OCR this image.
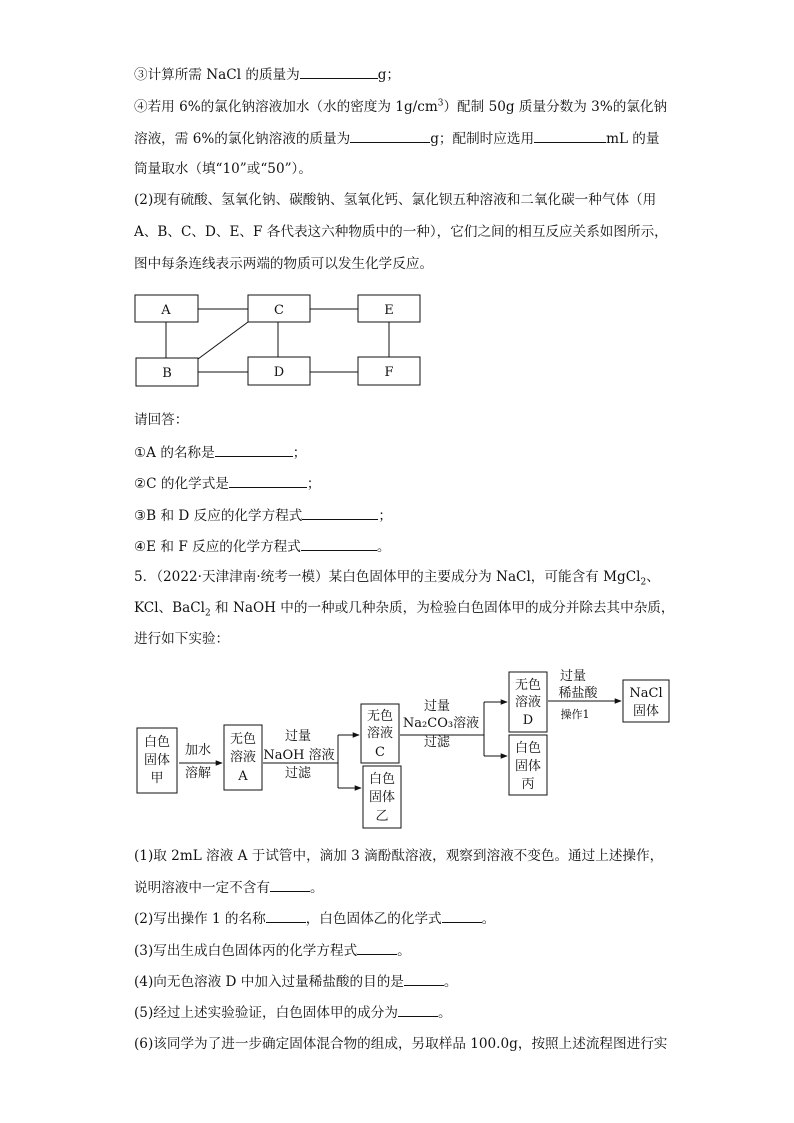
③计算所需 NaCl 的质量为	g；
④若用 6%的氯化钠溶液加水（水的密度为 $1g/cm^3$）配制 50g 质量分数为 3%的氯化钠
溶液，需 6%的氯化钠溶液的质量为	g；配制时应选用	mL 的量
筒量取水（填“10”或“50”）。
(2)现有硫酸、氢氧化钠、碳酸钠、氢氧化钙、氯化钡五种溶液和二氧化碳一种气体（用
A、B、C、D、E、F 各代表这六种物质中的一种），它们之间的相互反应关系如图所示，
图中每条连线表示两端的物质可以发生化学反应。
A	C	E
B	D	F
请回答：
①A 的名称是	；
②C 的化学式是	；
③B 和 D 反应的化学方程式	；
④E 和 F 反应的化学方程式	。
5．（2022·天津津南·统考一模）某白色固体甲的主要成分为 NaCl，可能含有 MgCl$_2$、
KCl、BaCl$_2$ 和 NaOH 中的一种或几种杂质，为检验白色固体甲的成分并除去其中杂质，
进行如下实验：
白色
固体
甲
加水
溶解
无色
溶液
A
过量
NaOH 溶液
过滤
无色
溶液
C
白色
固体
乙
过量
Na₂CO₃溶液
过滤
无色
溶液
D
白色
固体
丙
过量
稀盐酸
操作1
NaCl
固体
(1)取 2mL 溶液 A 于试管中，滴加 3 滴酚酞溶液，观察到溶液不变色。通过上述操作，
说明溶液中一定不含有	。
(2)写出操作 1 的名称	，白色固体乙的化学式	。
(3)写出生成白色固体丙的化学方程式	。
(4)向无色溶液 D 中加入过量稀盐酸的目的是	。
(5)经过上述实验验证，白色固体甲的成分为	。
(6)该同学为了进一步确定固体混合物的组成，另取样品 100.0g，按照上述流程图进行实
